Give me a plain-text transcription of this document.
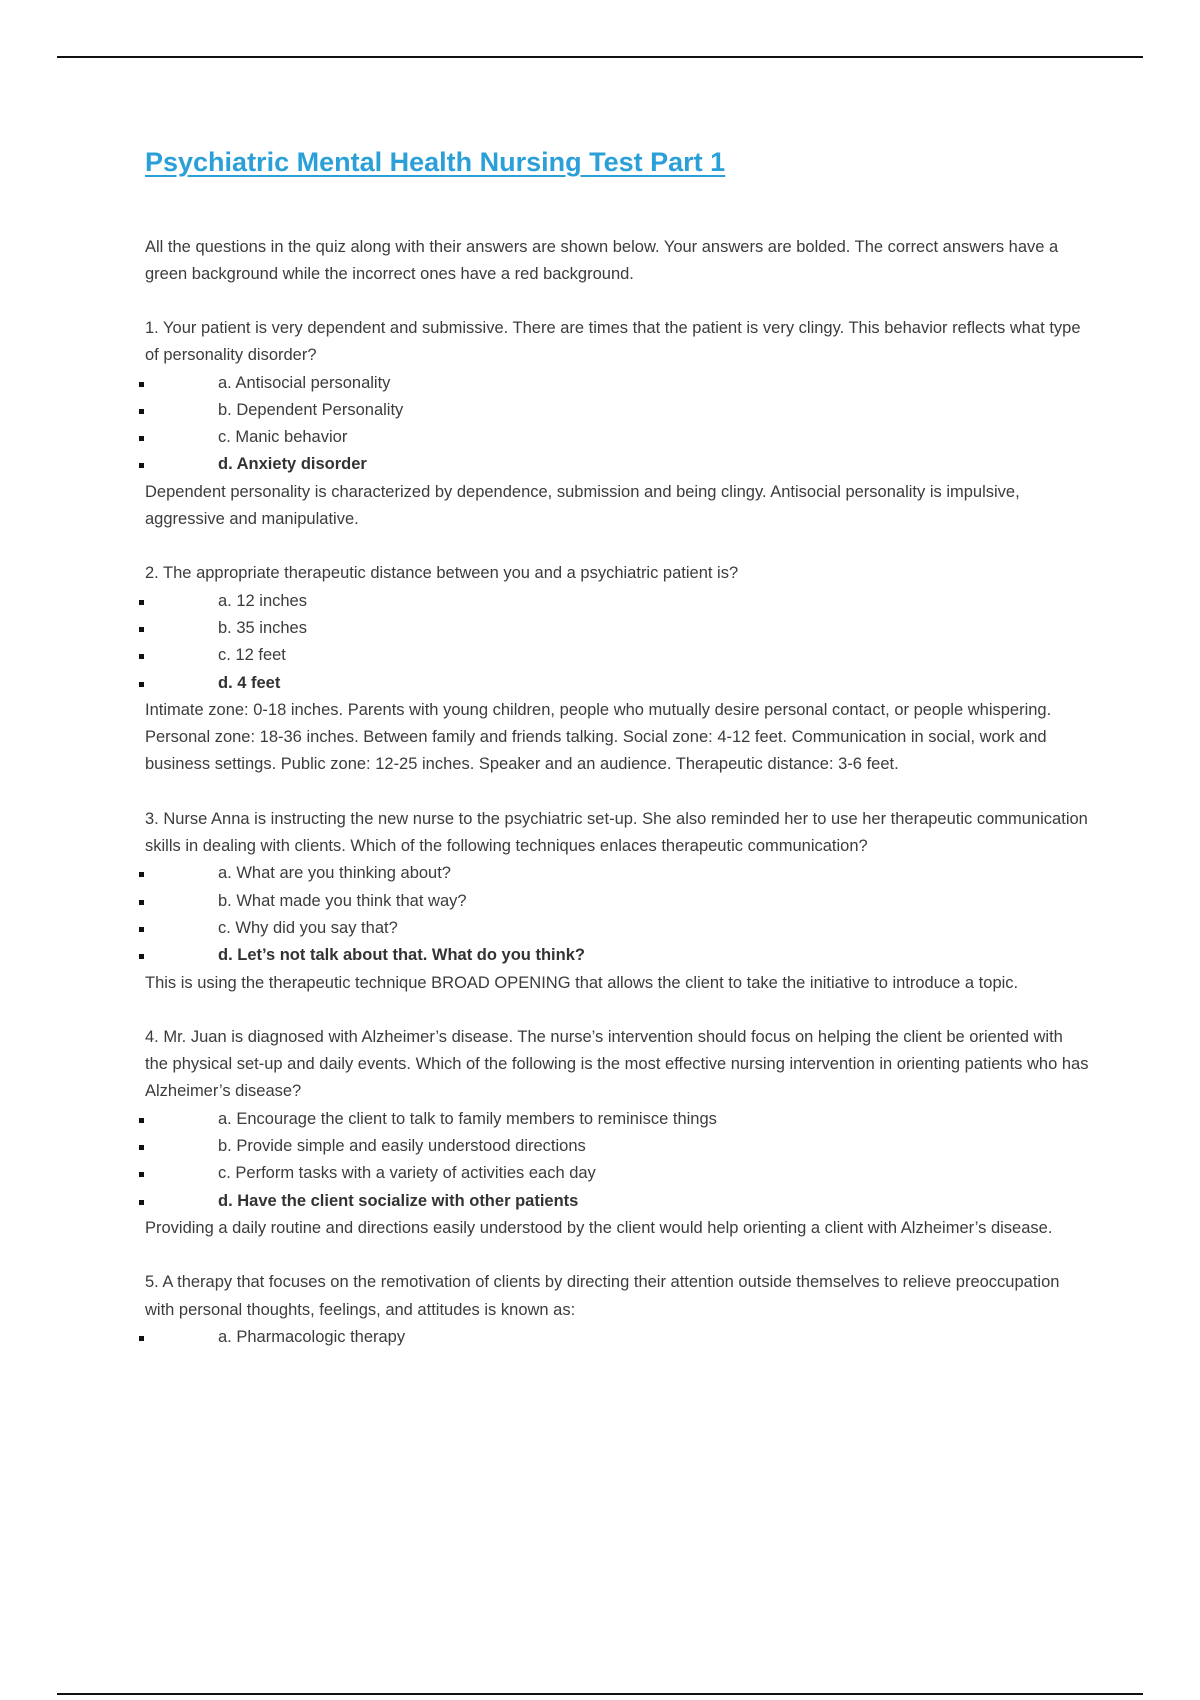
Psychiatric Mental Health Nursing Test Part 1

All the questions in the quiz along with their answers are shown below. Your answers are bolded. The correct answers have a green background while the incorrect ones have a red background.

1. Your patient is very dependent and submissive. There are times that the patient is very clingy. This behavior reflects what type of personality disorder?

a. Antisocial personality
b. Dependent Personality
c. Manic behavior
d. Anxiety disorder

Dependent personality is characterized by dependence, submission and being clingy. Antisocial personality is impulsive, aggressive and manipulative.

2. The appropriate therapeutic distance between you and a psychiatric patient is?

a. 12 inches
b. 35 inches
c. 12 feet
d. 4 feet

Intimate zone: 0-18 inches. Parents with young children, people who mutually desire personal contact, or people whispering. Personal zone: 18-36 inches. Between family and friends talking. Social zone: 4-12 feet. Communication in social, work and business settings. Public zone: 12-25 inches. Speaker and an audience. Therapeutic distance: 3-6 feet.

3. Nurse Anna is instructing the new nurse to the psychiatric set-up. She also reminded her to use her therapeutic communication skills in dealing with clients. Which of the following techniques enlaces therapeutic communication?

a. What are you thinking about?
b. What made you think that way?
c. Why did you say that?
d. Let’s not talk about that. What do you think?

This is using the therapeutic technique BROAD OPENING that allows the client to take the initiative to introduce a topic.

4. Mr. Juan is diagnosed with Alzheimer’s disease. The nurse’s intervention should focus on helping the client be oriented with the physical set-up and daily events. Which of the following is the most effective nursing intervention in orienting patients who has Alzheimer’s disease?

a. Encourage the client to talk to family members to reminisce things
b. Provide simple and easily understood directions
c. Perform tasks with a variety of activities each day
d. Have the client socialize with other patients

Providing a daily routine and directions easily understood by the client would help orienting a client with Alzheimer’s disease.

5. A therapy that focuses on the remotivation of clients by directing their attention outside themselves to relieve preoccupation with personal thoughts, feelings, and attitudes is known as:

a. Pharmacologic therapy
